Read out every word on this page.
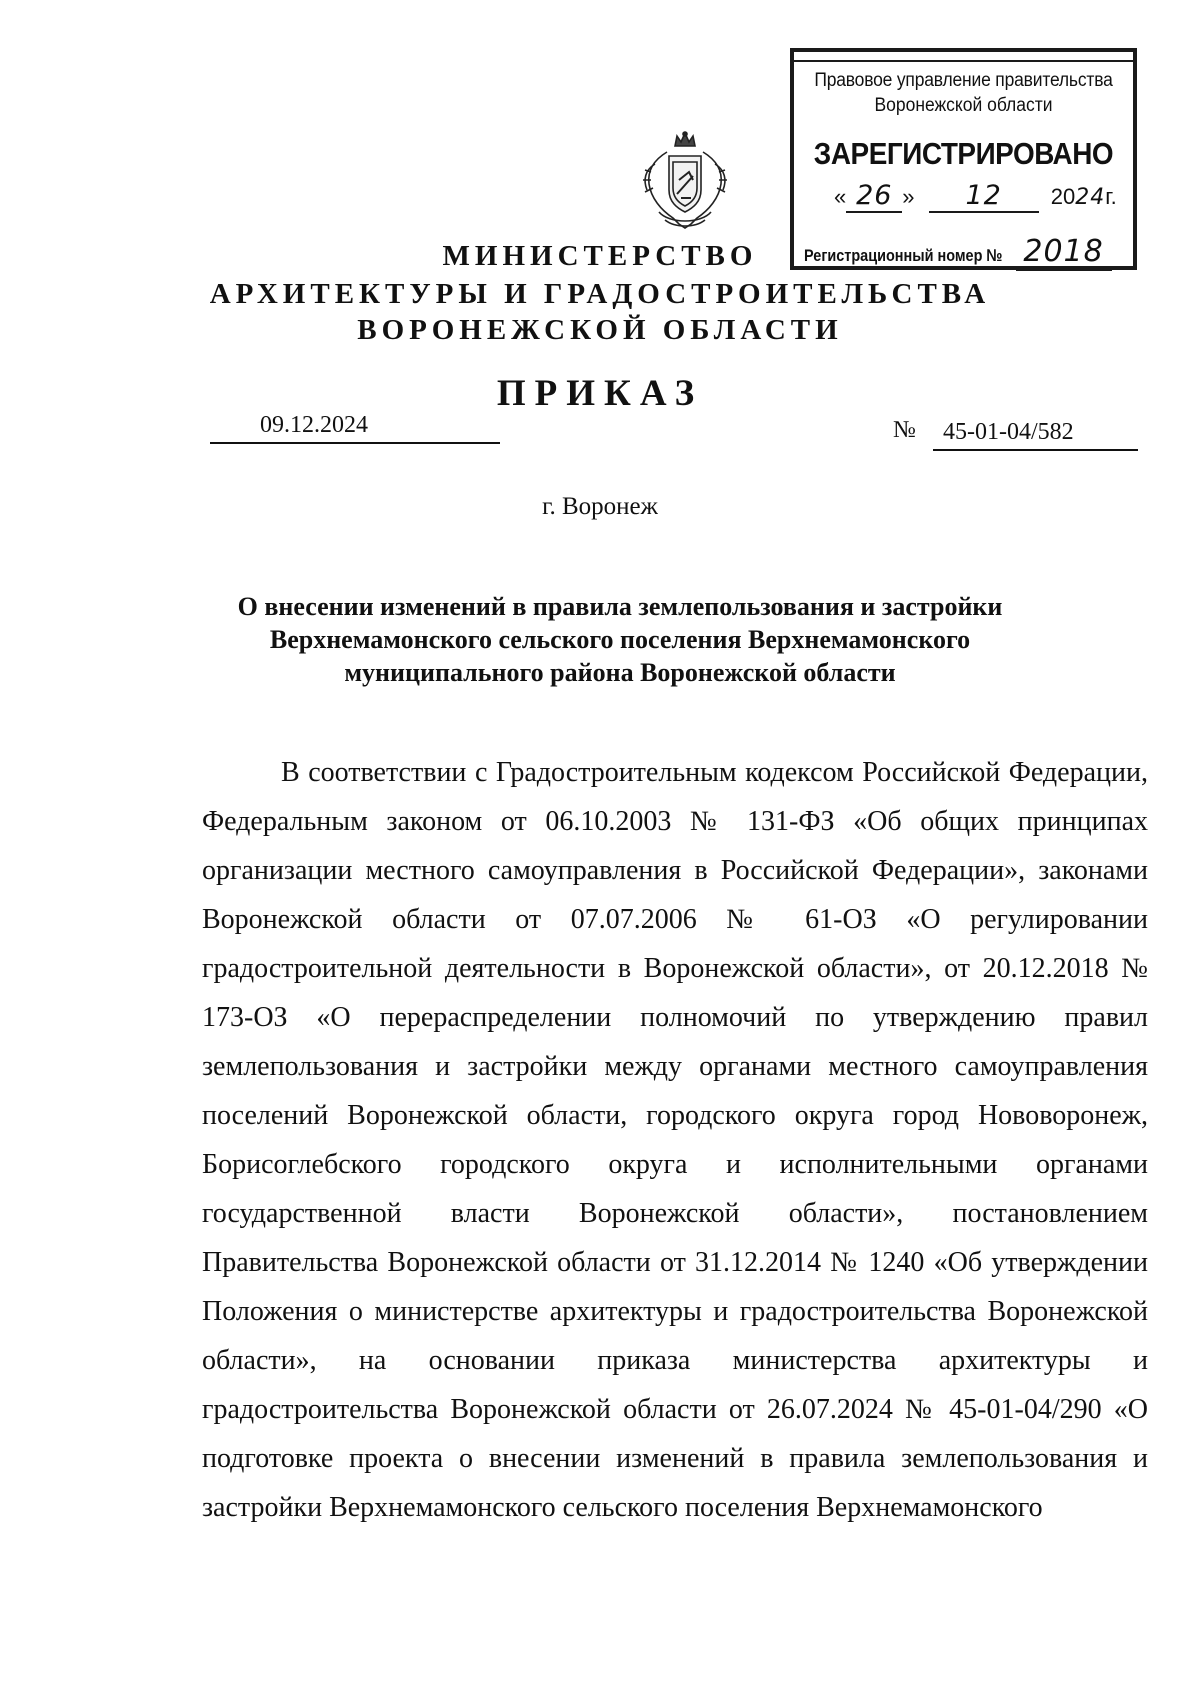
Правовое управление правительства
Воронежской области
ЗАРЕГИСТРИРОВАНО
« 26 » 12 2024г.
Регистрационный номер № 2018
МИНИСТЕРСТВО
АРХИТЕКТУРЫ И ГРАДОСТРОИТЕЛЬСТВА
ВОРОНЕЖСКОЙ ОБЛАСТИ
ПРИКАЗ
09.12.2024	№	45-01-04/582
г. Воронеж
О внесении изменений в правила землепользования и застройки Верхнемамонского сельского поселения Верхнемамонского муниципального района Воронежской области

В соответствии с Градостроительным кодексом Российской Федерации, Федеральным законом от 06.10.2003 № 131-ФЗ «Об общих принципах организации местного самоуправления в Российской Федерации», законами Воронежской области от 07.07.2006 № 61-ОЗ «О регулировании градостроительной деятельности в Воронежской области», от 20.12.2018 № 173-ОЗ «О перераспределении полномочий по утверждению правил землепользования и застройки между органами местного самоуправления поселений Воронежской области, городского округа город Нововоронеж, Борисоглебского городского округа и исполнительными органами государственной власти Воронежской области», постановлением Правительства Воронежской области от 31.12.2014 № 1240 «Об утверждении Положения о министерстве архитектуры и градостроительства Воронежской области», на основании приказа министерства архитектуры и градостроительства Воронежской области от 26.07.2024 № 45-01-04/290 «О подготовке проекта о внесении изменений в правила землепользования и застройки Верхнемамонского сельского поселения Верхнемамонского
